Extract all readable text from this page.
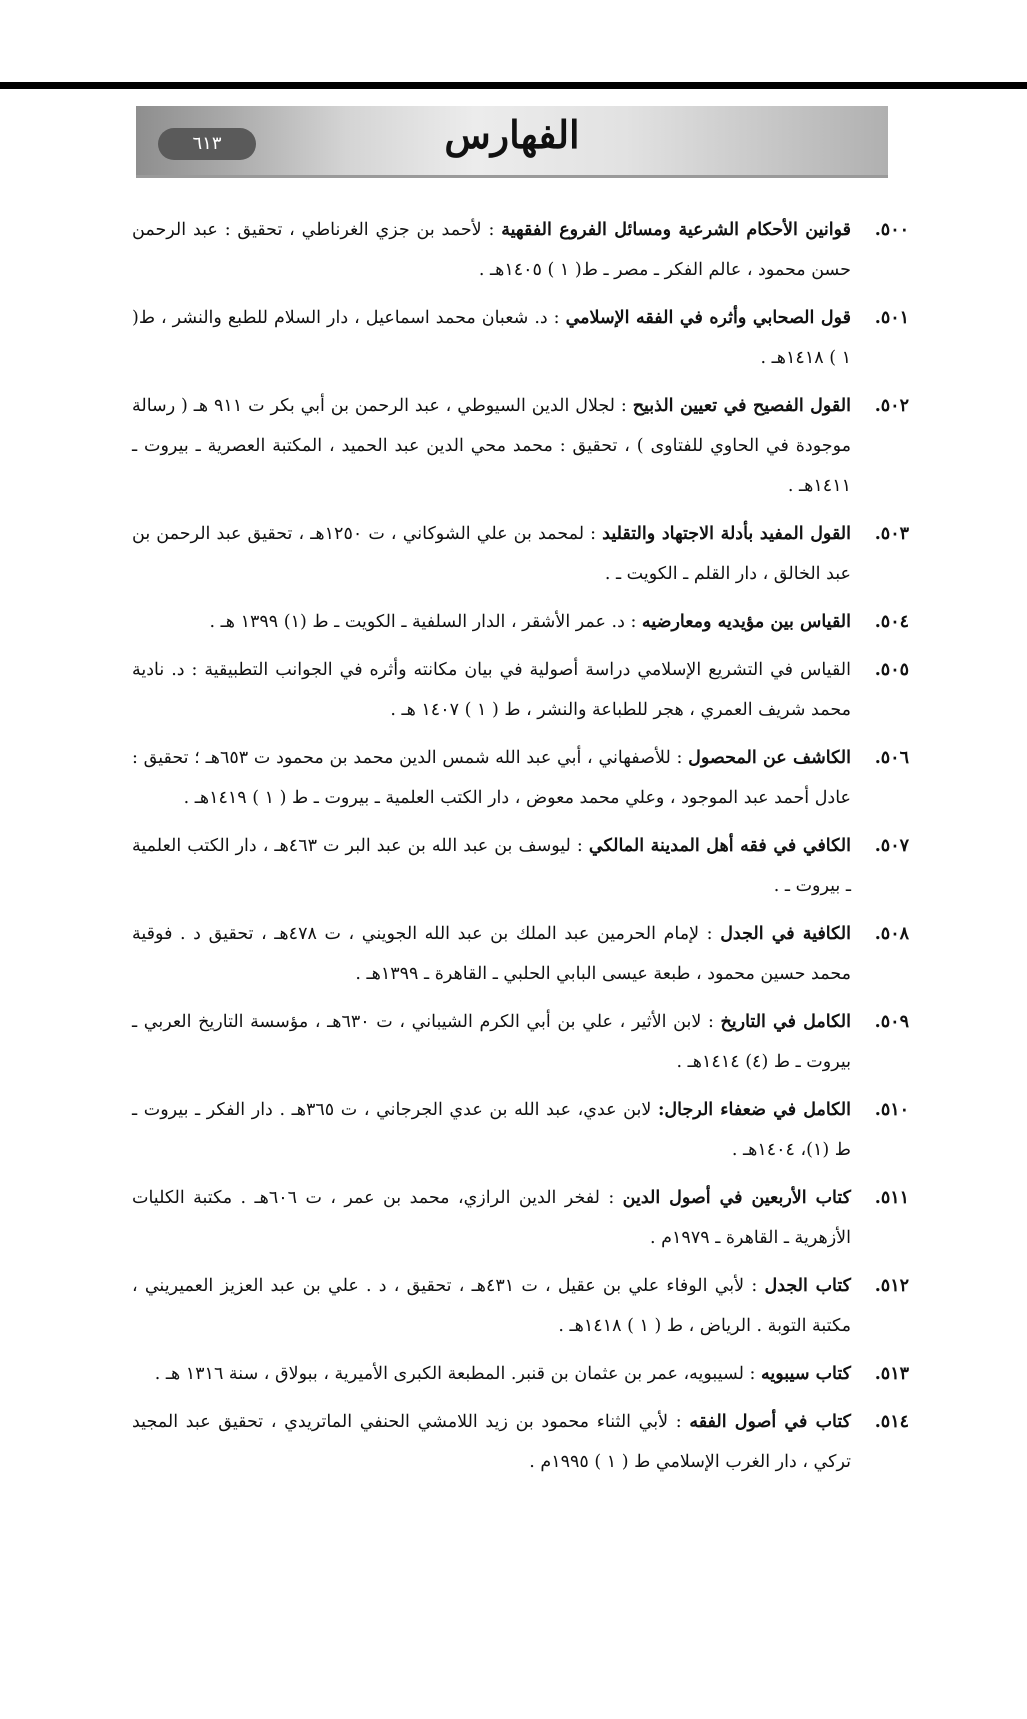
الفهارس
٦١٣

٥٠٠.قوانين الأحكام الشرعية ومسائل الفروع الفقهية : لأحمد بن جزي الغرناطي ، تحقيق : عبد الرحمن حسن محمود ، عالم الفكر ـ مصر ـ ط( ١ ) ١٤٠٥هـ .

٥٠١.قول الصحابي وأثره في الفقه الإسلامي : د. شعبان محمد اسماعيل ، دار السلام للطبع والنشر ، ط( ١ ) ١٤١٨هـ .

٥٠٢.القول الفصيح في تعيين الذبيح : لجلال الدين السيوطي ، عبد الرحمن بن أبي بكر ت ٩١١ هـ ( رسالة موجودة في الحاوي للفتاوى ) ، تحقيق : محمد محي الدين عبد الحميد ، المكتبة العصرية ـ بيروت ـ ١٤١١هـ .

٥٠٣.القول المفيد بأدلة الاجتهاد والتقليد : لمحمد بن علي الشوكاني ، ت ١٢٥٠هـ ، تحقيق عبد الرحمن بن عبد الخالق ، دار القلم ـ الكويت ـ .

٥٠٤.القياس بين مؤيديه ومعارضيه : د. عمر الأشقر ، الدار السلفية ـ الكويت ـ ط (١) ١٣٩٩ هـ .

٥٠٥.القياس في التشريع الإسلامي دراسة أصولية في بيان مكانته وأثره في الجوانب التطبيقية : د. نادية محمد شريف العمري ، هجر للطباعة والنشر ، ط ( ١ ) ١٤٠٧ هـ .

٥٠٦.الكاشف عن المحصول : للأصفهاني ، أبي عبد الله شمس الدين محمد بن محمود ت ٦٥٣هـ ؛ تحقيق : عادل أحمد عبد الموجود ، وعلي محمد معوض ، دار الكتب العلمية ـ بيروت ـ ط ( ١ ) ١٤١٩هـ .

٥٠٧.الكافي في فقه أهل المدينة المالكي : ليوسف بن عبد الله بن عبد البر ت ٤٦٣هـ ، دار الكتب العلمية ـ بيروت ـ .

٥٠٨.الكافية في الجدل : لإمام الحرمين عبد الملك بن عبد الله الجويني ، ت ٤٧٨هـ ، تحقيق د . فوقية محمد حسين محمود ، طبعة عيسى البابي الحلبي ـ القاهرة ـ ١٣٩٩هـ .

٥٠٩.الكامل في التاريخ : لابن الأثير ، علي بن أبي الكرم الشيباني ، ت ٦٣٠هـ ، مؤسسة التاريخ العربي ـ بيروت ـ ط (٤) ١٤١٤هـ .

٥١٠.الكامل في ضعفاء الرجال: لابن عدي، عبد الله بن عدي الجرجاني ، ت ٣٦٥هـ . دار الفكر ـ بيروت ـ ط (١)، ١٤٠٤هـ .

٥١١.كتاب الأربعين في أصول الدين : لفخر الدين الرازي، محمد بن عمر ، ت ٦٠٦هـ . مكتبة الكليات الأزهرية ـ القاهرة ـ ١٩٧٩م .

٥١٢.كتاب الجدل : لأبي الوفاء علي بن عقيل ، ت ٤٣١هـ ، تحقيق ، د . علي بن عبد العزيز العميريني ، مكتبة التوبة . الرياض ، ط ( ١ ) ١٤١٨هـ .

٥١٣.كتاب سيبويه : لسيبويه، عمر بن عثمان بن قنبر. المطبعة الكبرى الأميرية ، ببولاق ، سنة ١٣١٦ هـ .

٥١٤.كتاب في أصول الفقه : لأبي الثناء محمود بن زيد اللامشي الحنفي الماتريدي ، تحقيق عبد المجيد تركي ، دار الغرب الإسلامي ط ( ١ ) ١٩٩٥م .
